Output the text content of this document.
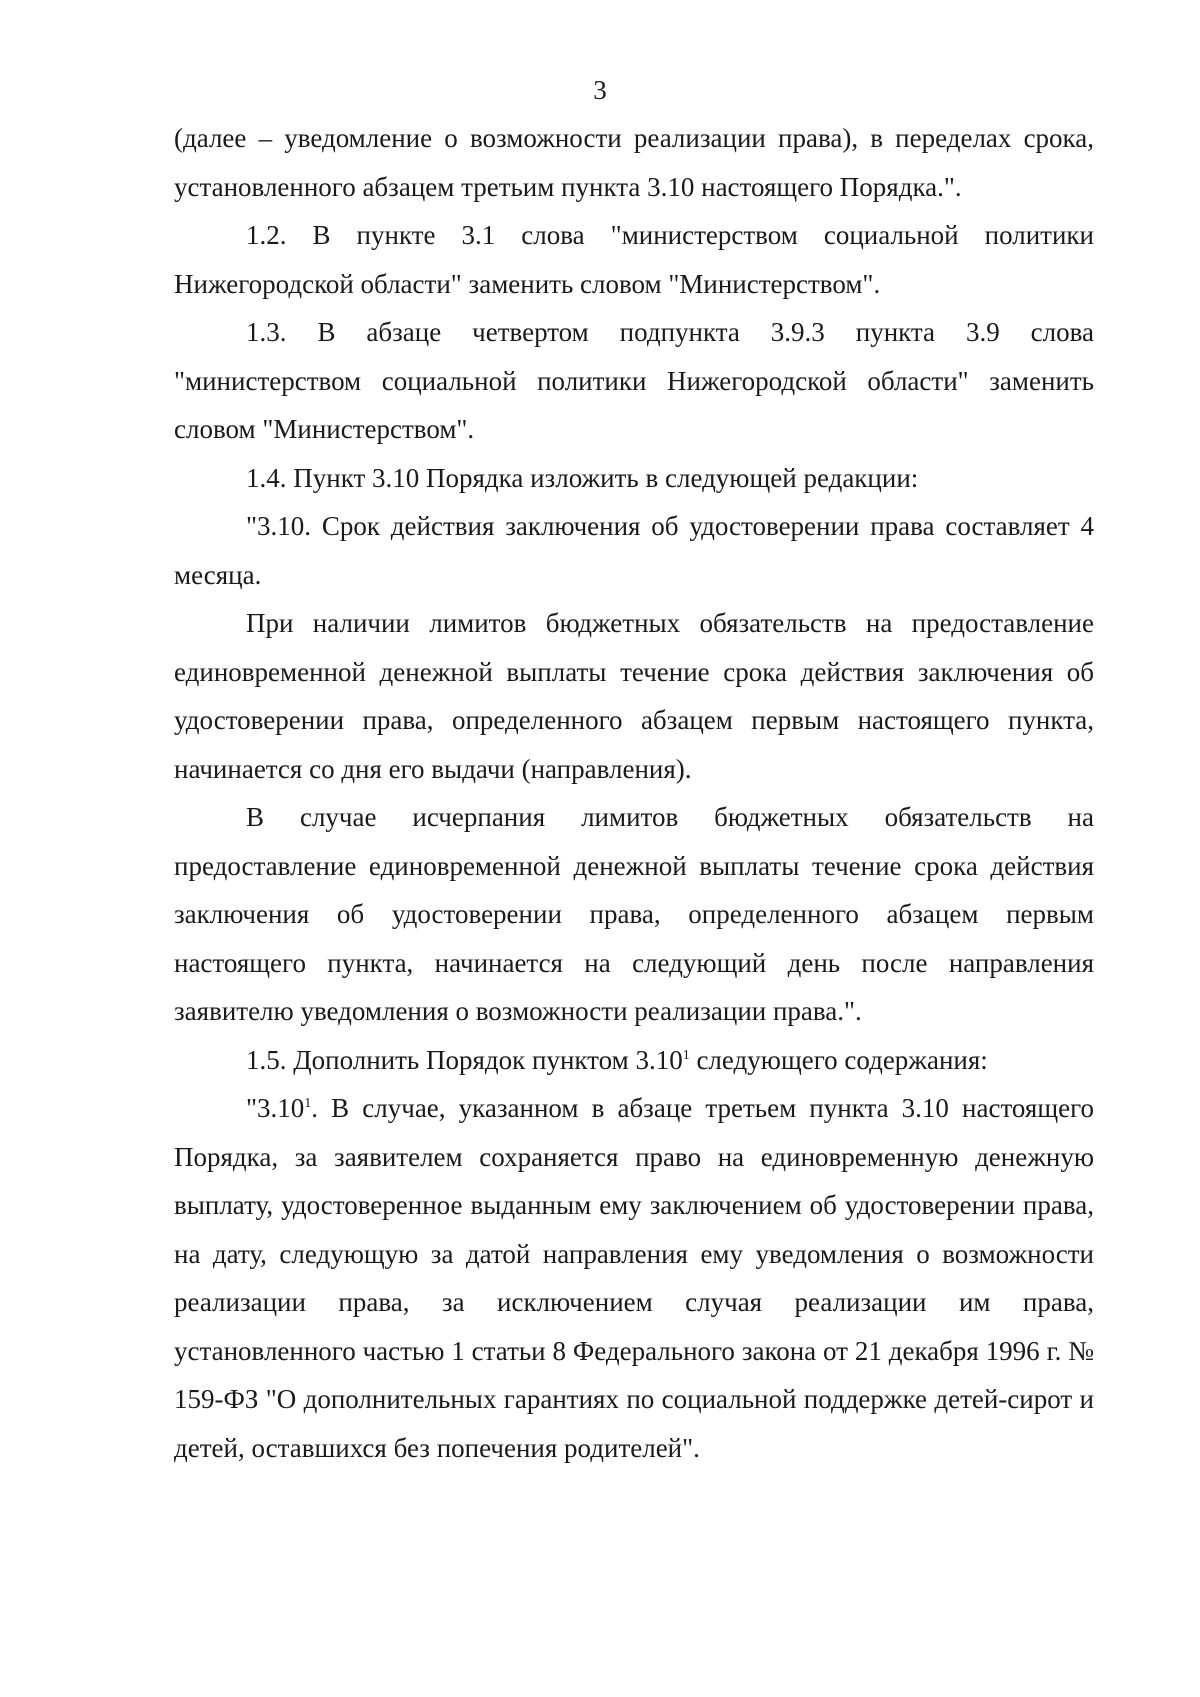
3

(далее – уведомление о возможности реализации права), в переделах срока, установленного абзацем третьим пункта 3.10 настоящего Порядка.".

1.2. В пункте 3.1 слова "министерством социальной политики Нижегородской области" заменить словом "Министерством".

1.3. В абзаце четвертом подпункта 3.9.3 пункта 3.9 слова "министерством социальной политики Нижегородской области" заменить словом "Министерством".

1.4. Пункт 3.10 Порядка изложить в следующей редакции:

"3.10. Срок действия заключения об удостоверении права составляет 4 месяца.

При наличии лимитов бюджетных обязательств на предоставление единовременной денежной выплаты течение срока действия заключения об удостоверении права, определенного абзацем первым настоящего пункта, начинается со дня его выдачи (направления).

В случае исчерпания лимитов бюджетных обязательств на предоставление единовременной денежной выплаты течение срока действия заключения об удостоверении права, определенного абзацем первым настоящего пункта, начинается на следующий день после направления заявителю уведомления о возможности реализации права.".

1.5. Дополнить Порядок пунктом 3.10$^1$ следующего содержания:

"3.10$^1$. В случае, указанном в абзаце третьем пункта 3.10 настоящего Порядка, за заявителем сохраняется право на единовременную денежную выплату, удостоверенное выданным ему заключением об удостоверении права, на дату, следующую за датой направления ему уведомления о возможности реализации права, за исключением случая реализации им права, установленного частью 1 статьи 8 Федерального закона от 21 декабря 1996 г. № 159-ФЗ "О дополнительных гарантиях по социальной поддержке детей-сирот и детей, оставшихся без попечения родителей".
